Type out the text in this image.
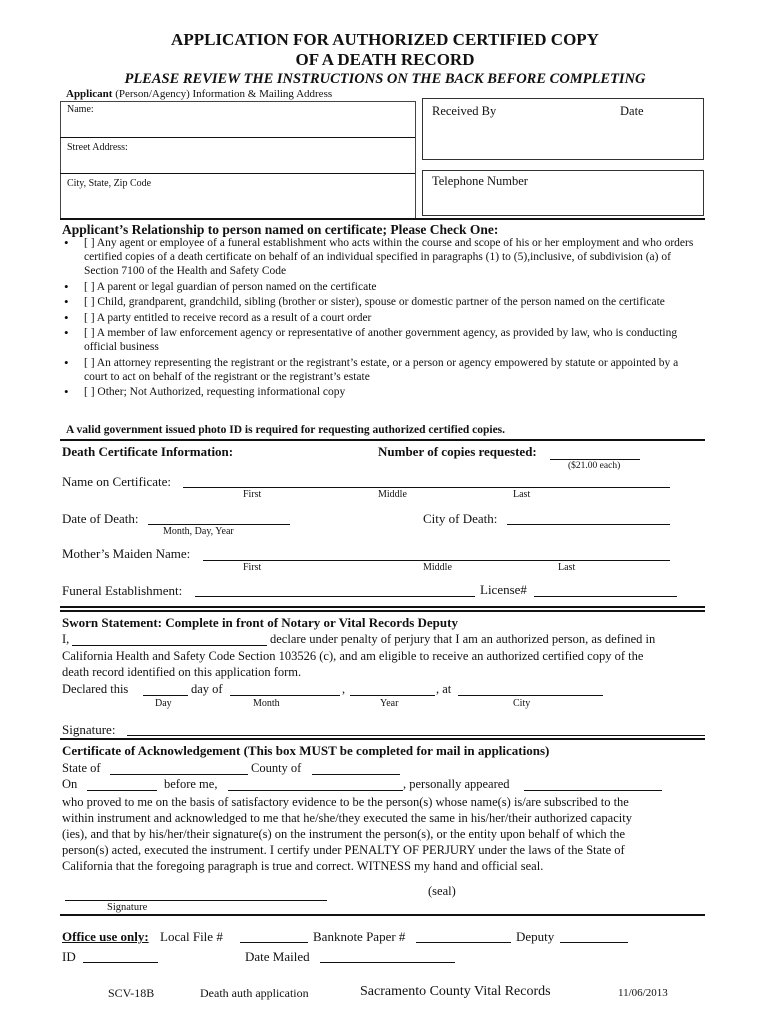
APPLICATION FOR AUTHORIZED CERTIFIED COPY
OF A DEATH RECORD
PLEASE REVIEW THE INSTRUCTIONS ON THE BACK BEFORE COMPLETING
Applicant (Person/Agency) Information & Mailing Address
Name:
Street Address:
City, State, Zip Code
Received By	Date
Telephone Number
Applicant’s Relationship to person named on certificate; Please Check One:
• [ ] Any agent or employee of a funeral establishment who acts within the course and scope of his or her employment and who orders certified copies of a death certificate on behalf of an individual specified in paragraphs (1) to (5),inclusive, of subdivision (a) of Section 7100 of the Health and Safety Code
• [ ] A parent or legal guardian of person named on the certificate
• [ ] Child, grandparent, grandchild, sibling (brother or sister), spouse or domestic partner of the person named on the certificate
• [ ] A party entitled to receive record as a result of a court order
• [ ] A member of law enforcement agency or representative of another government agency, as provided by law, who is conducting official business
• [ ] An attorney representing the registrant or the registrant’s estate, or a person or agency empowered by statute or appointed by a court to act on behalf of the registrant or the registrant’s estate
• [ ] Other; Not Authorized, requesting informational copy
A valid government issued photo ID is required for requesting authorized certified copies.
Death Certificate Information:	Number of copies requested:
($21.00 each)
Name on Certificate:
First	Middle	Last
Date of Death:
Month, Day, Year
City of Death:
Mother’s Maiden Name:
First	Middle	Last
Funeral Establishment:	License#
Sworn Statement: Complete in front of Notary or Vital Records Deputy
I,	declare under penalty of perjury that I am an authorized person, as defined in
California Health and Safety Code Section 103526 (c), and am eligible to receive an authorized certified copy of the
death record identified on this application form.
Declared this	day of	,	, at
Day	Month	Year	City
Signature:
Certificate of Acknowledgement (This box MUST be completed for mail in applications)
State of	County of
On	before me,	, personally appeared
who proved to me on the basis of satisfactory evidence to be the person(s) whose name(s) is/are subscribed to the
within instrument and acknowledged to me that he/she/they executed the same in his/her/their authorized capacity
(ies), and that by his/her/their signature(s) on the instrument the person(s), or the entity upon behalf of which the
person(s) acted, executed the instrument. I certify under PENALTY OF PERJURY under the laws of the State of
California that the foregoing paragraph is true and correct. WITNESS my hand and official seal.
(seal)
Signature
Office use only: Local File #	Banknote Paper #	Deputy
ID	Date Mailed
SCV-18B	Death auth application	Sacramento County Vital Records	11/06/2013
